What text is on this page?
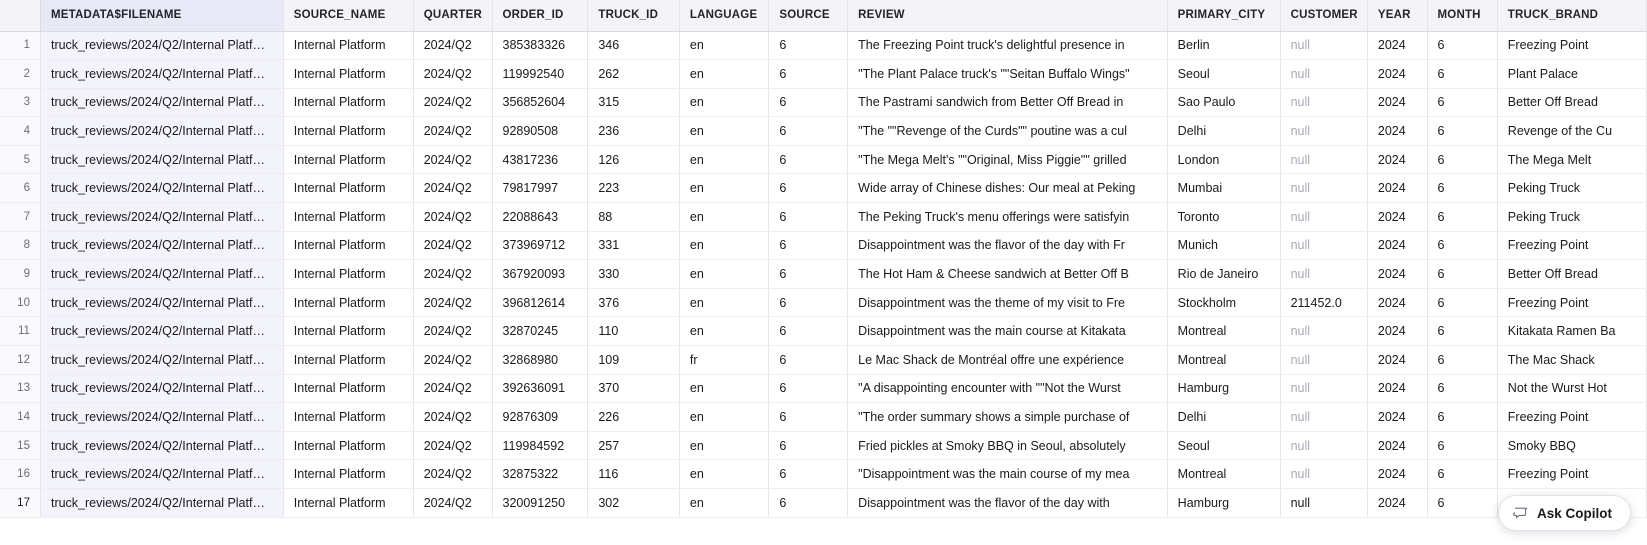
	METADATA$FILENAME	SOURCE_NAME	QUARTER	ORDER_ID	TRUCK_ID	LANGUAGE	SOURCE	REVIEW	PRIMARY_CITY	CUSTOMER	YEAR	MONTH	TRUCK_BRAND
1	truck_reviews/2024/Q2/Internal Platf…	Internal Platform	2024/Q2	385383326	346	en	6	The Freezing Point truck's delightful presence in	Berlin	null	2024	6	Freezing Point
2	truck_reviews/2024/Q2/Internal Platf…	Internal Platform	2024/Q2	119992540	262	en	6	"The Plant Palace truck's ""Seitan Buffalo Wings"	Seoul	null	2024	6	Plant Palace
3	truck_reviews/2024/Q2/Internal Platf…	Internal Platform	2024/Q2	356852604	315	en	6	The Pastrami sandwich from Better Off Bread in	Sao Paulo	null	2024	6	Better Off Bread
4	truck_reviews/2024/Q2/Internal Platf…	Internal Platform	2024/Q2	92890508	236	en	6	"The ""Revenge of the Curds"" poutine was a cul	Delhi	null	2024	6	Revenge of the Cu
5	truck_reviews/2024/Q2/Internal Platf…	Internal Platform	2024/Q2	43817236	126	en	6	"The Mega Melt's ""Original, Miss Piggie"" grilled	London	null	2024	6	The Mega Melt
6	truck_reviews/2024/Q2/Internal Platf…	Internal Platform	2024/Q2	79817997	223	en	6	Wide array of Chinese dishes: Our meal at Peking	Mumbai	null	2024	6	Peking Truck
7	truck_reviews/2024/Q2/Internal Platf…	Internal Platform	2024/Q2	22088643	88	en	6	The Peking Truck's menu offerings were satisfyin	Toronto	null	2024	6	Peking Truck
8	truck_reviews/2024/Q2/Internal Platf…	Internal Platform	2024/Q2	373969712	331	en	6	Disappointment was the flavor of the day with Fr	Munich	null	2024	6	Freezing Point
9	truck_reviews/2024/Q2/Internal Platf…	Internal Platform	2024/Q2	367920093	330	en	6	The Hot Ham & Cheese sandwich at Better Off B	Rio de Janeiro	null	2024	6	Better Off Bread
10	truck_reviews/2024/Q2/Internal Platf…	Internal Platform	2024/Q2	396812614	376	en	6	Disappointment was the theme of my visit to Fre	Stockholm	211452.0	2024	6	Freezing Point
11	truck_reviews/2024/Q2/Internal Platf…	Internal Platform	2024/Q2	32870245	110	en	6	Disappointment was the main course at Kitakata	Montreal	null	2024	6	Kitakata Ramen Ba
12	truck_reviews/2024/Q2/Internal Platf…	Internal Platform	2024/Q2	32868980	109	fr	6	Le Mac Shack de Montréal offre une expérience	Montreal	null	2024	6	The Mac Shack
13	truck_reviews/2024/Q2/Internal Platf…	Internal Platform	2024/Q2	392636091	370	en	6	"A disappointing encounter with ""Not the Wurst	Hamburg	null	2024	6	Not the Wurst Hot
14	truck_reviews/2024/Q2/Internal Platf…	Internal Platform	2024/Q2	92876309	226	en	6	"The order summary shows a simple purchase of	Delhi	null	2024	6	Freezing Point
15	truck_reviews/2024/Q2/Internal Platf…	Internal Platform	2024/Q2	119984592	257	en	6	Fried pickles at Smoky BBQ in Seoul, absolutely	Seoul	null	2024	6	Smoky BBQ
16	truck_reviews/2024/Q2/Internal Platf…	Internal Platform	2024/Q2	32875322	116	en	6	"Disappointment was the main course of my mea	Montreal	null	2024	6	Freezing Point
17	truck_reviews/2024/Q2/Internal Platf…	Internal Platform	2024/Q2	320091250	302	en	6	Disappointment was the flavor of the day with	Hamburg	null	2024	6	
Ask Copilot
